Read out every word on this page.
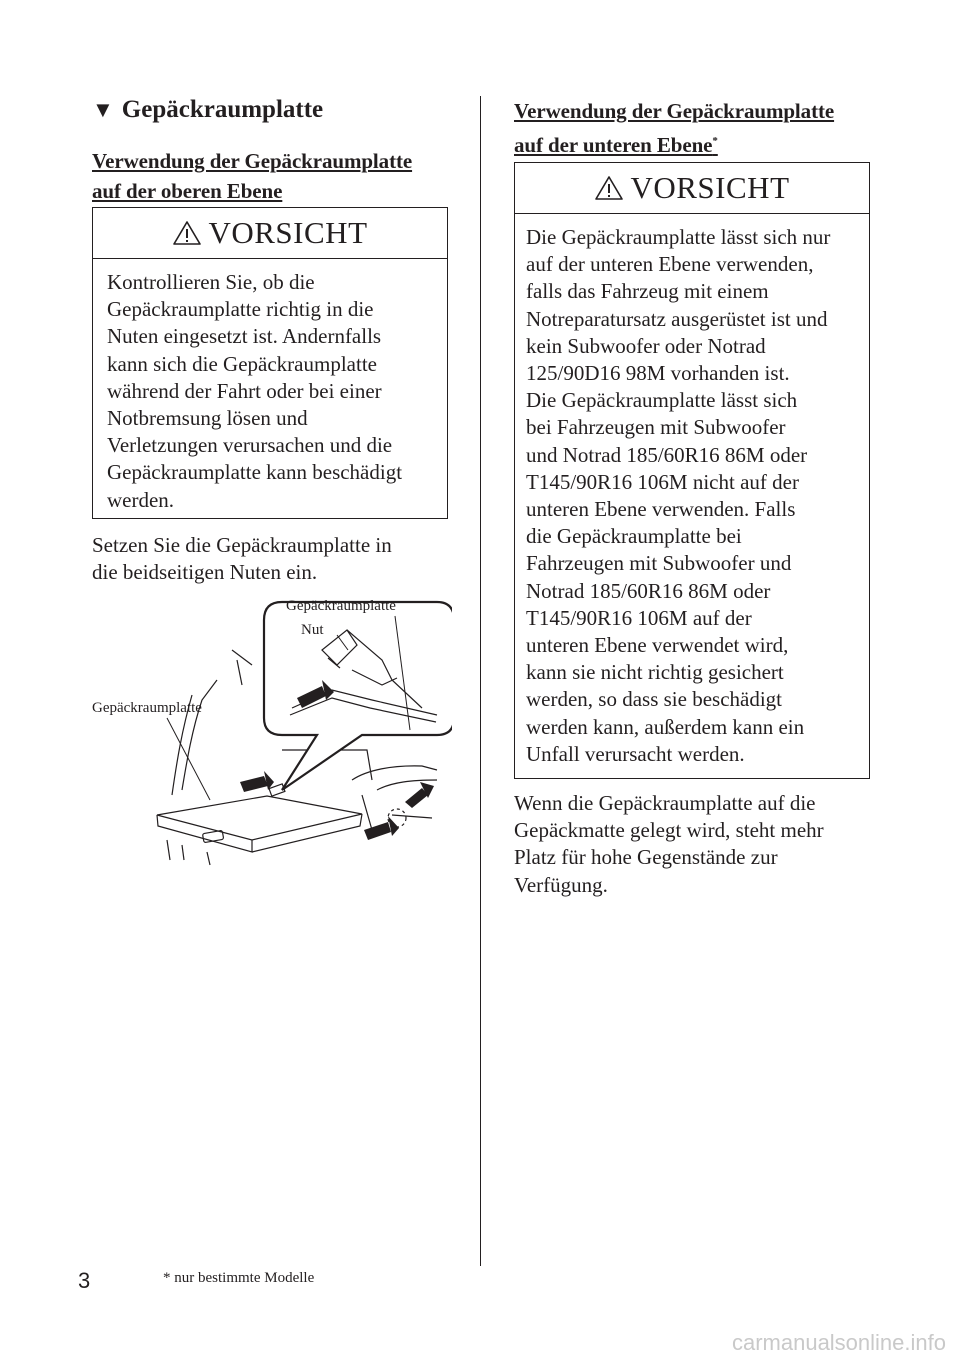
▼ Gepäckraumplatte
Verwendung der Gepäckraumplatte
auf der oberen Ebene
VORSICHT
Kontrollieren Sie, ob die
Gepäckraumplatte richtig in die
Nuten eingesetzt ist. Andernfalls
kann sich die Gepäckraumplatte
während der Fahrt oder bei einer
Notbremsung lösen und
Verletzungen verursachen und die
Gepäckraumplatte kann beschädigt
werden.
Setzen Sie die Gepäckraumplatte in
die beidseitigen Nuten ein.
Gepäckraumplatte
Nut
Gepäckraumplatte
Verwendung der Gepäckraumplatte
auf der unteren Ebene*
VORSICHT
Die Gepäckraumplatte lässt sich nur
auf der unteren Ebene verwenden,
falls das Fahrzeug mit einem
Notreparatursatz ausgerüstet ist und
kein Subwoofer oder Notrad
125/90D16 98M vorhanden ist.
Die Gepäckraumplatte lässt sich
bei Fahrzeugen mit Subwoofer
und Notrad 185/60R16 86M oder
T145/90R16 106M nicht auf der
unteren Ebene verwenden. Falls
die Gepäckraumplatte bei
Fahrzeugen mit Subwoofer und
Notrad 185/60R16 86M oder
T145/90R16 106M auf der
unteren Ebene verwendet wird,
kann sie nicht richtig gesichert
werden, so dass sie beschädigt
werden kann, außerdem kann ein
Unfall verursacht werden.
Wenn die Gepäckraumplatte auf die
Gepäckmatte gelegt wird, steht mehr
Platz für hohe Gegenstände zur
Verfügung.
3	* nur bestimmte Modelle
carmanualsonline.info
